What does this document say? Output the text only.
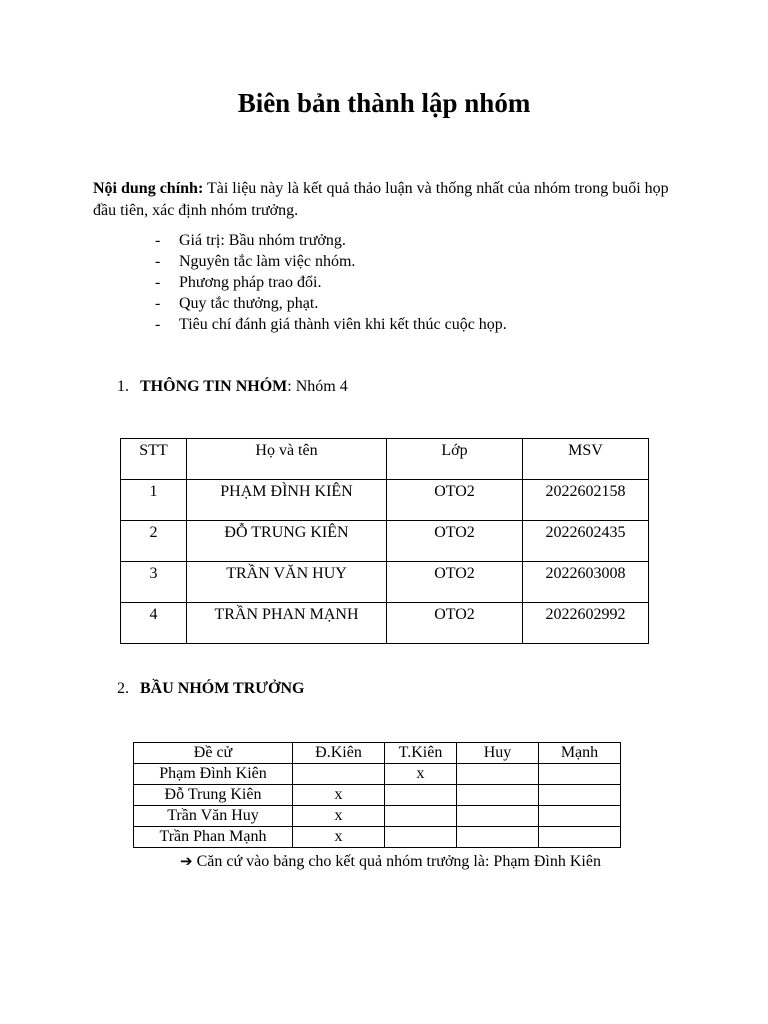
Biên bản thành lập nhóm
Nội dung chính: Tài liệu này là kết quả thảo luận và thống nhất của nhóm trong buổi họp đầu tiên, xác định nhóm trưởng.
- Giá trị: Bầu nhóm trưởng.
- Nguyên tắc làm việc nhóm.
- Phương pháp trao đổi.
- Quy tắc thưởng, phạt.
- Tiêu chí đánh giá thành viên khi kết thúc cuộc họp.
1. THÔNG TIN NHÓM: Nhóm 4
STT	Họ và tên	Lớp	MSV

1	PHẠM ĐÌNH KIÊN	OTO2	2022602158

2	ĐỖ TRUNG KIÊN	OTO2	2022602435

3	TRẦN VĂN HUY	OTO2	2022603008

4	TRẦN PHAN MẠNH	OTO2	2022602992
2. BẦU NHÓM TRƯỞNG
Đề cử	Đ.Kiên	T.Kiên	Huy	Mạnh
Phạm Đình Kiên		x		
Đỗ Trung Kiên	x			
Trần Văn Huy	x			
Trần Phan Mạnh	x			
➔ Căn cứ vào bảng cho kết quả nhóm trưởng là: Phạm Đình Kiên
